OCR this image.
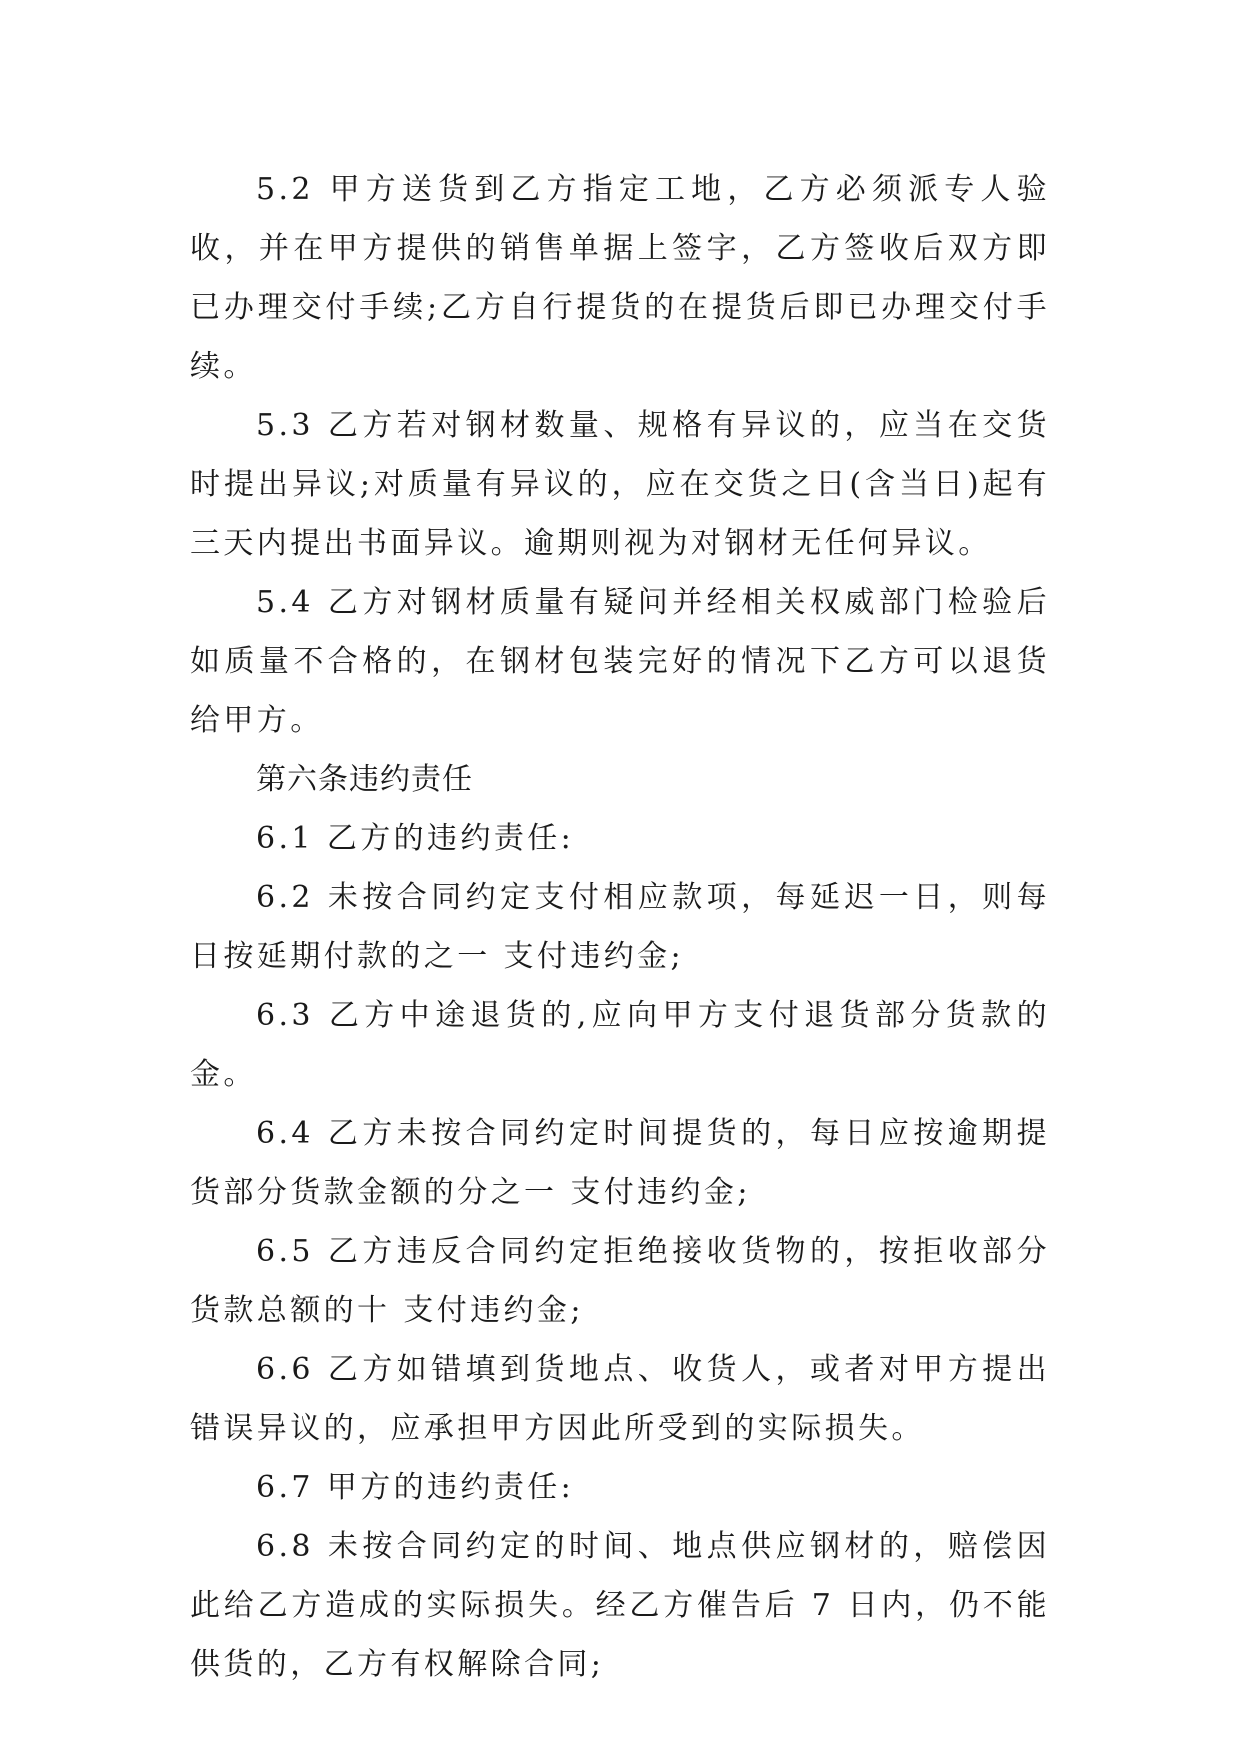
5.2 甲方送货到乙方指定工地，乙方必须派专人验收，并在甲方提供的销售单据上签字，乙方签收后双方即已办理交付手续;乙方自行提货的在提货后即已办理交付手续。

5.3 乙方若对钢材数量、规格有异议的，应当在交货时提出异议;对质量有异议的，应在交货之日(含当日)起有三天内提出书面异议。逾期则视为对钢材无任何异议。

5.4 乙方对钢材质量有疑问并经相关权威部门检验后如质量不合格的，在钢材包装完好的情况下乙方可以退货给甲方。

第六条违约责任

6.1 乙方的违约责任:

6.2 未按合同约定支付相应款项，每延迟一日，则每日按延期付款的之一 支付违约金;

6.3 乙方中途退货的,应向甲方支付退货部分货款的金。

6.4 乙方未按合同约定时间提货的，每日应按逾期提货部分货款金额的分之一 支付违约金;

6.5 乙方违反合同约定拒绝接收货物的，按拒收部分货款总额的十 支付违约金;

6.6 乙方如错填到货地点、收货人，或者对甲方提出错误异议的，应承担甲方因此所受到的实际损失。

6.7 甲方的违约责任:

6.8 未按合同约定的时间、地点供应钢材的，赔偿因此给乙方造成的实际损失。经乙方催告后 7 日内，仍不能供货的，乙方有权解除合同;
